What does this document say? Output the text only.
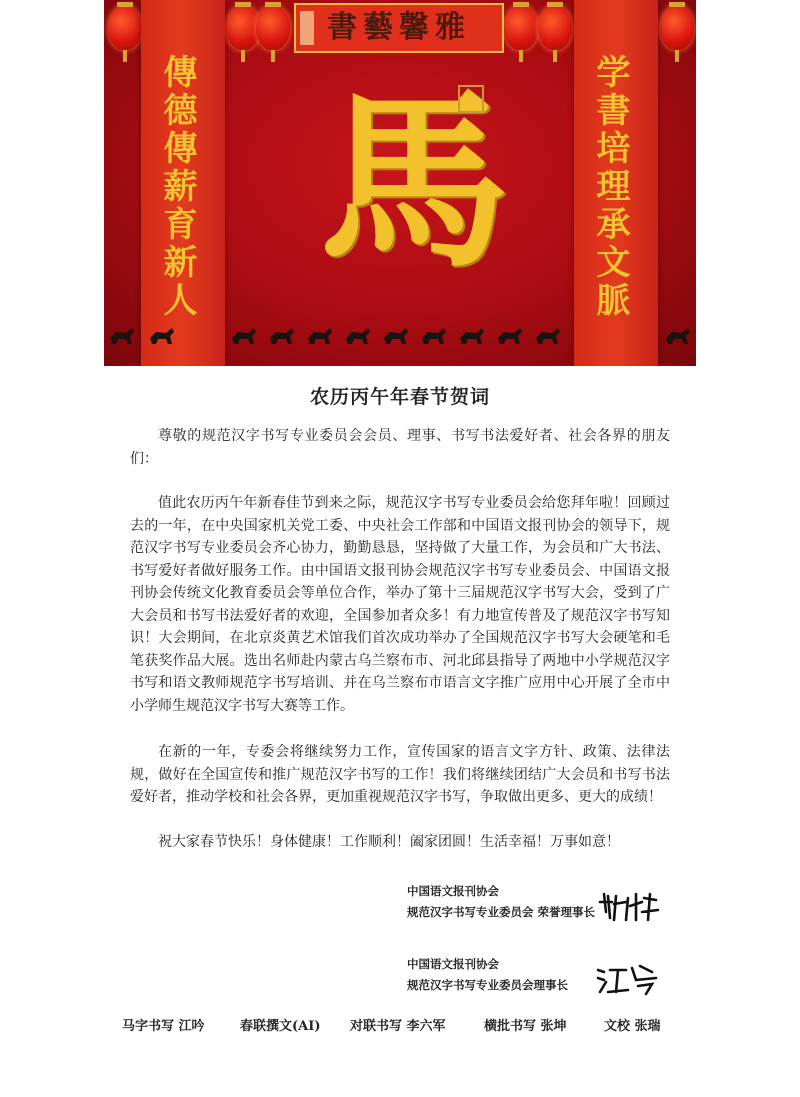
傳德傳薪育新人	学書培理承文脈
書藝馨雅
馬
农历丙午年春节贺词

尊敬的规范汉字书写专业委员会会员、理事、书写书法爱好者、社会各界的朋友们：

值此农历丙午年新春佳节到来之际，规范汉字书写专业委员会给您拜年啦！回顾过去的一年，在中央国家机关党工委、中央社会工作部和中国语文报刊协会的领导下，规范汉字书写专业委员会齐心协力，勤勤恳恳，坚持做了大量工作，为会员和广大书法、书写爱好者做好服务工作。由中国语文报刊协会规范汉字书写专业委员会、中国语文报刊协会传统文化教育委员会等单位合作，举办了第十三届规范汉字书写大会，受到了广大会员和书写书法爱好者的欢迎，全国参加者众多！有力地宣传普及了规范汉字书写知识！大会期间，在北京炎黄艺术馆我们首次成功举办了全国规范汉字书写大会硬笔和毛笔获奖作品大展。选出名师赴内蒙古乌兰察布市、河北邱县指导了两地中小学规范汉字书写和语文教师规范字书写培训、并在乌兰察布市语言文字推广应用中心开展了全市中小学师生规范汉字书写大赛等工作。

在新的一年，专委会将继续努力工作，宣传国家的语言文字方针、政策、法律法规，做好在全国宣传和推广规范汉字书写的工作！我们将继续团结广大会员和书写书法爱好者，推动学校和社会各界，更加重视规范汉字书写，争取做出更多、更大的成绩！

祝大家春节快乐！身体健康！工作顺利！阖家团圆！生活幸福！万事如意！

中国语文报刊协会
规范汉字书写专业委员会 荣誉理事长
中国语文报刊协会
规范汉字书写专业委员会理事长
马字书写 江吟	春联撰文(AI) 对联书写 李六军	横批书写 张坤	文校 张瑞
